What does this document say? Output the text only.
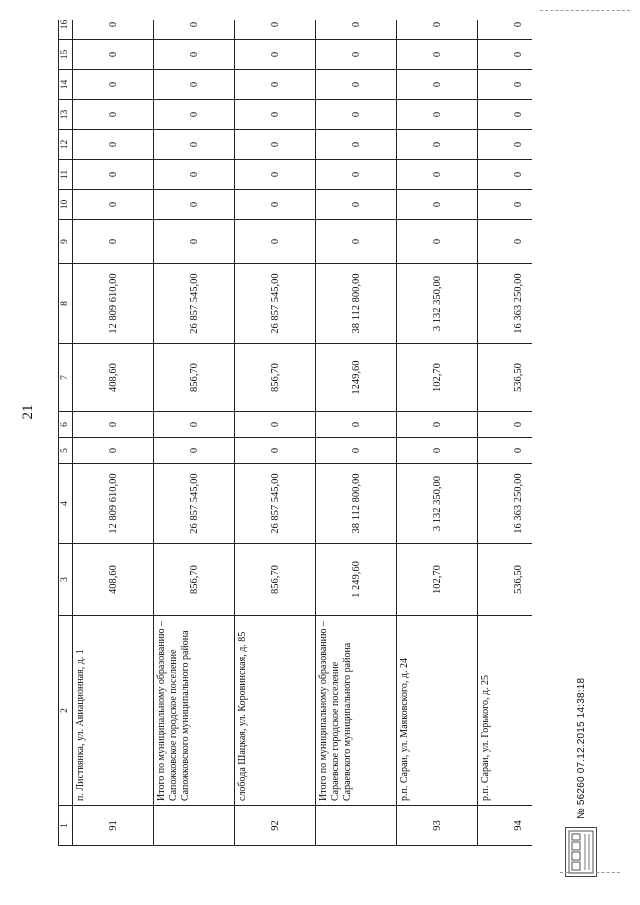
21
1	2	3	4	5	6	7	8	9	10	11	12	13	14	15	16
91	п. Листвянка, ул. Авиационная, д. 1	408,60	12 809 610,00	0	0	408,60	12 809 610,00	0	0	0	0	0	0	0	0
	Итого по муниципальному образованию – Сапожковское городское поселение Сапожковского муниципального района	856,70	26 857 545,00	0	0	856,70	26 857 545,00	0	0	0	0	0	0	0	0
92	слобода Шацкая, ул. Коровинская, д. 85	856,70	26 857 545,00	0	0	856,70	26 857 545,00	0	0	0	0	0	0	0	0
	Итого по муниципальному образованию – Сараевское городское поселение Сараевского муниципального района	1 249,60	38 112 800,00	0	0	1249,60	38 112 800,00	0	0	0	0	0	0	0	0
93	р.п. Сараи, ул. Маяковского, д. 24	102,70	3 132 350,00	0	0	102,70	3 132 350,00	0	0	0	0	0	0	0	0
94	р.п. Сараи, ул. Горького, д. 25	536,50	16 363 250,00	0	0	536,50	16 363 250,00	0	0	0	0	0	0	0	0
№ 56260 07.12.2015 14:38:18
